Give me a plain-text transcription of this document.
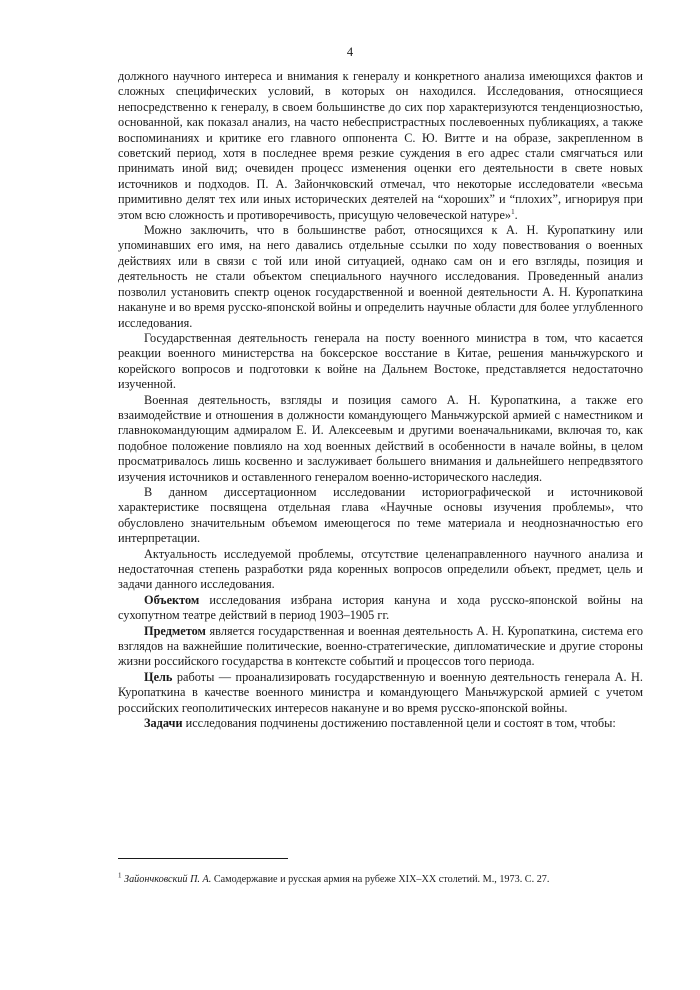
4

должного научного интереса и внимания к генералу и конкретного анализа имеющихся фактов и сложных специфических условий, в которых он находился. Исследования, относящиеся непосредственно к генералу, в своем большинстве до сих пор характеризуются тенденциозностью, основанной, как показал анализ, на часто небеспристрастных послевоенных публикациях, а также воспоминаниях и критике его главного оппонента С. Ю. Витте и на образе, закрепленном в советский период, хотя в последнее время резкие суждения в его адрес стали смягчаться или принимать иной вид; очевиден процесс изменения оценки его деятельности в свете новых источников и подходов. П. А. Зайончковский отмечал, что некоторые исследователи «весьма примитивно делят тех или иных исторических деятелей на “хороших” и “плохих”, игнорируя при этом всю сложность и противоречивость, присущую человеческой натуре»$^1$.

Можно заключить, что в большинстве работ, относящихся к А. Н. Куропаткину или упоминавших его имя, на него давались отдельные ссылки по ходу повествования о военных действиях или в связи с той или иной ситуацией, однако сам он и его взгляды, позиция и деятельность не стали объектом специального научного исследования. Проведенный анализ позволил установить спектр оценок государственной и военной деятельности А. Н. Куропаткина накануне и во время русско-японской войны и определить научные области для более углубленного исследования.

Государственная деятельность генерала на посту военного министра в том, что касается реакции военного министерства на боксерское восстание в Китае, решения маньчжурского и корейского вопросов и подготовки к войне на Дальнем Востоке, представляется недостаточно изученной.

Военная деятельность, взгляды и позиция самого А. Н. Куропаткина, а также его взаимодействие и отношения в должности командующего Маньчжурской армией с наместником и главнокомандующим адмиралом Е. И. Алексеевым и другими военачальниками, включая то, как подобное положение повлияло на ход военных действий в особенности в начале войны, в целом просматривалось лишь косвенно и заслуживает большего внимания и дальнейшего непредвзятого изучения источников и оставленного генералом военно-исторического наследия.

В данном диссертационном исследовании историографической и источниковой характеристике посвящена отдельная глава «Научные основы изучения проблемы», что обусловлено значительным объемом имеющегося по теме материала и неоднозначностью его интерпретации.

Актуальность исследуемой проблемы, отсутствие целенаправленного научного анализа и недостаточная степень разработки ряда коренных вопросов определили объект, предмет, цель и задачи данного исследования.

Объектом исследования избрана история кануна и хода русско-японской войны на сухопутном театре действий в период 1903–1905 гг.

Предметом является государственная и военная деятельность А. Н. Куропаткина, система его взглядов на важнейшие политические, военно-стратегические, дипломатические и другие стороны жизни российского государства в контексте событий и процессов того периода.

Цель работы — проанализировать государственную и военную деятельность генерала А. Н. Куропаткина в качестве военного министра и командующего Маньчжурской армией с учетом российских геополитических интересов накануне и во время русско-японской войны.

Задачи исследования подчинены достижению поставленной цели и состоят в том, чтобы:

$^1$ Зайончковский П. А. Самодержавие и русская армия на рубеже XIX–XX столетий. М., 1973. С. 27.
